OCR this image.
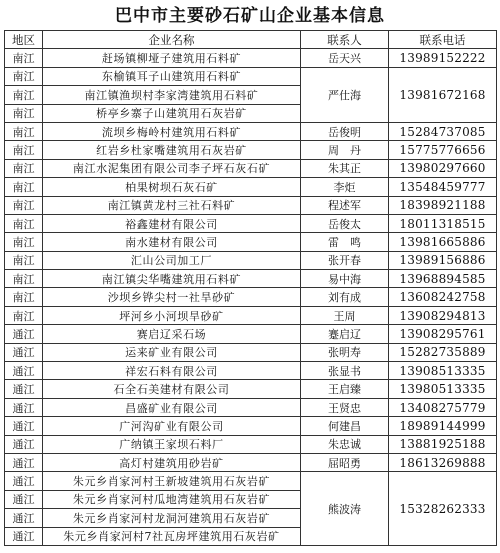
巴中市主要砂石矿山企业基本信息
地区	企业名称	联系人	联系电话
南江	赶场镇柳垭子建筑用石料矿	岳天兴	13989152222
南江	东榆镇耳子山建筑用石料矿	严仕海	13981672168
南江	南江镇渔坝村李家湾建筑用石料矿		
南江	桥亭乡寨子山建筑用石灰岩矿		
南江	流坝乡梅岭村建筑用石料矿	岳俊明	15284737085
南江	红岩乡杜家嘴建筑用石灰岩矿	周　丹	15775776656
南江	南江水泥集团有限公司李子坪石灰石矿	朱其正	13980297660
南江	柏果树坝石灰石矿	李炬	13548459777
南江	南江镇黄龙村三社石料矿	程述军	18398921188
南江	裕鑫建材有限公司	岳俊太	18011318515
南江	南水建材有限公司	雷　鸣	13981665886
南江	汇山公司加工厂	张开春	13989156886
南江	南江镇尖华嘴建筑用石料矿	易中海	13968894585
南江	沙坝乡铧尖村一社旱砂矿	刘有成	13608242758
南江	坪河乡小河坝旱砂矿	王周	13908294813
通江	赛启辽采石场	蹇启辽	13908295761
通江	运来矿业有限公司	张明寿	15282735889
通江	祥宏石料有限公司	张显书	13908513335
通江	石全石美建材有限公司	王启臻	13980513335
通江	昌盛矿业有限公司	王贤忠	13408275779
通江	广河沟矿业有限公司	何建昌	18989144999
通江	广纳镇王家坝石料厂	朱忠诚	13881925188
通江	高灯村建筑用砂岩矿	屈昭勇	18613269888
通江	朱元乡肖家河村王新坡建筑用石灰岩矿	熊波涛	15328262333
通江	朱元乡肖家河村瓜地湾建筑用石灰岩矿		
通江	朱元乡肖家河村龙洞河建筑用石灰岩矿		
通江	朱元乡肖家河村7社瓦房坪建筑用石灰岩矿		
